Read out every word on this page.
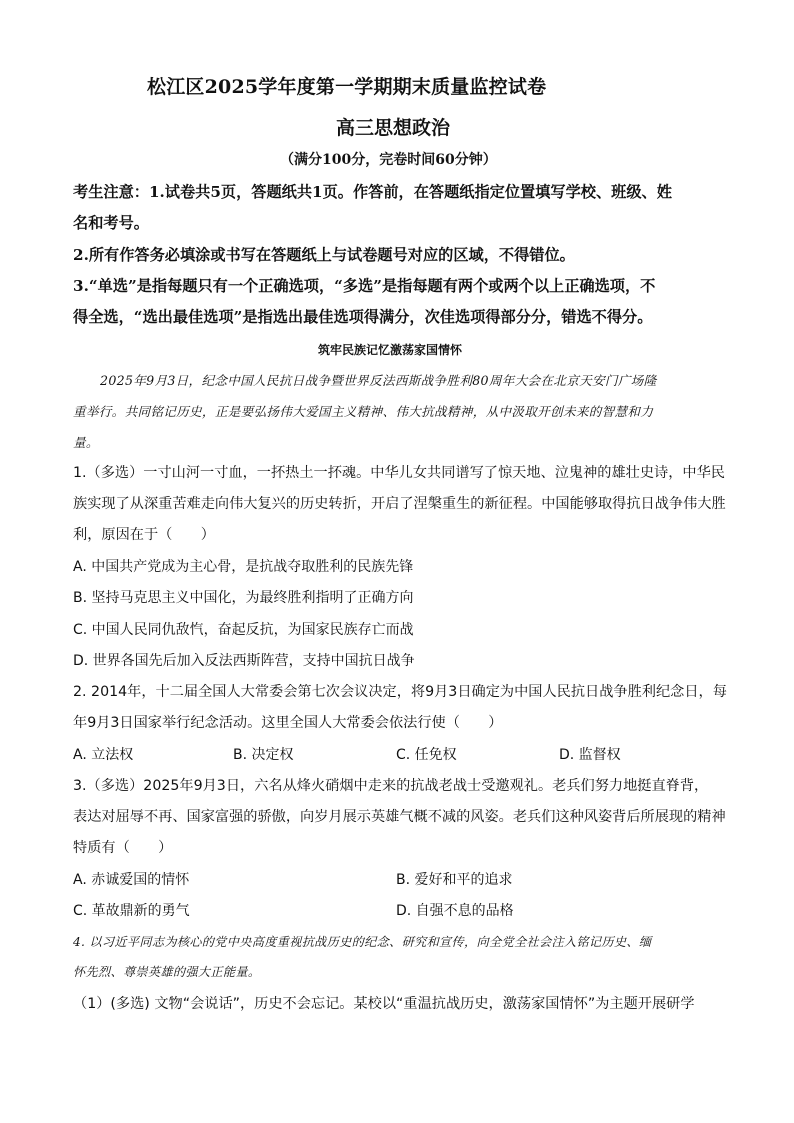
松江区2025学年度第一学期期末质量监控试卷
高三思想政治
（满分100分，完卷时间60分钟）
考生注意：1.试卷共5页，答题纸共1页。作答前，在答题纸指定位置填写学校、班级、姓
名和考号。
2.所有作答务必填涂或书写在答题纸上与试卷题号对应的区域，不得错位。
3.“单选”是指每题只有一个正确选项，“多选”是指每题有两个或两个以上正确选项，不
得全选，“选出最佳选项”是指选出最佳选项得满分，次佳选项得部分分，错选不得分。
筑牢民族记忆激荡家国情怀
2025年9月3日，纪念中国人民抗日战争暨世界反法西斯战争胜利80周年大会在北京天安门广场隆
重举行。共同铭记历史，正是要弘扬伟大爱国主义精神、伟大抗战精神，从中汲取开创未来的智慧和力
量。
1.（多选）一寸山河一寸血，一抔热土一抔魂。中华儿女共同谱写了惊天地、泣鬼神的雄壮史诗，中华民
族实现了从深重苦难走向伟大复兴的历史转折，开启了涅槃重生的新征程。中国能够取得抗日战争伟大胜
利，原因在于（　　）
A. 中国共产党成为主心骨，是抗战夺取胜利的民族先锋
B. 坚持马克思主义中国化，为最终胜利指明了正确方向
C. 中国人民同仇敌忾，奋起反抗，为国家民族存亡而战
D. 世界各国先后加入反法西斯阵营，支持中国抗日战争
2. 2014年，十二届全国人大常委会第七次会议决定，将9月3日确定为中国人民抗日战争胜利纪念日，每
年9月3日国家举行纪念活动。这里全国人大常委会依法行使（　　）
A. 立法权	B. 决定权	C. 任免权	D. 监督权
3.（多选）2025年9月3日，六名从烽火硝烟中走来的抗战老战士受邀观礼。老兵们努力地挺直脊背，
表达对屈辱不再、国家富强的骄傲，向岁月展示英雄气概不减的风姿。老兵们这种风姿背后所展现的精神
特质有（　　）
A. 赤诚爱国的情怀	B. 爱好和平的追求
C. 革故鼎新的勇气	D. 自强不息的品格
4. 以习近平同志为核心的党中央高度重视抗战历史的纪念、研究和宣传，向全党全社会注入铭记历史、缅
怀先烈、尊崇英雄的强大正能量。
（1）(多选) 文物“会说话”，历史不会忘记。某校以“重温抗战历史，激荡家国情怀”为主题开展研学
